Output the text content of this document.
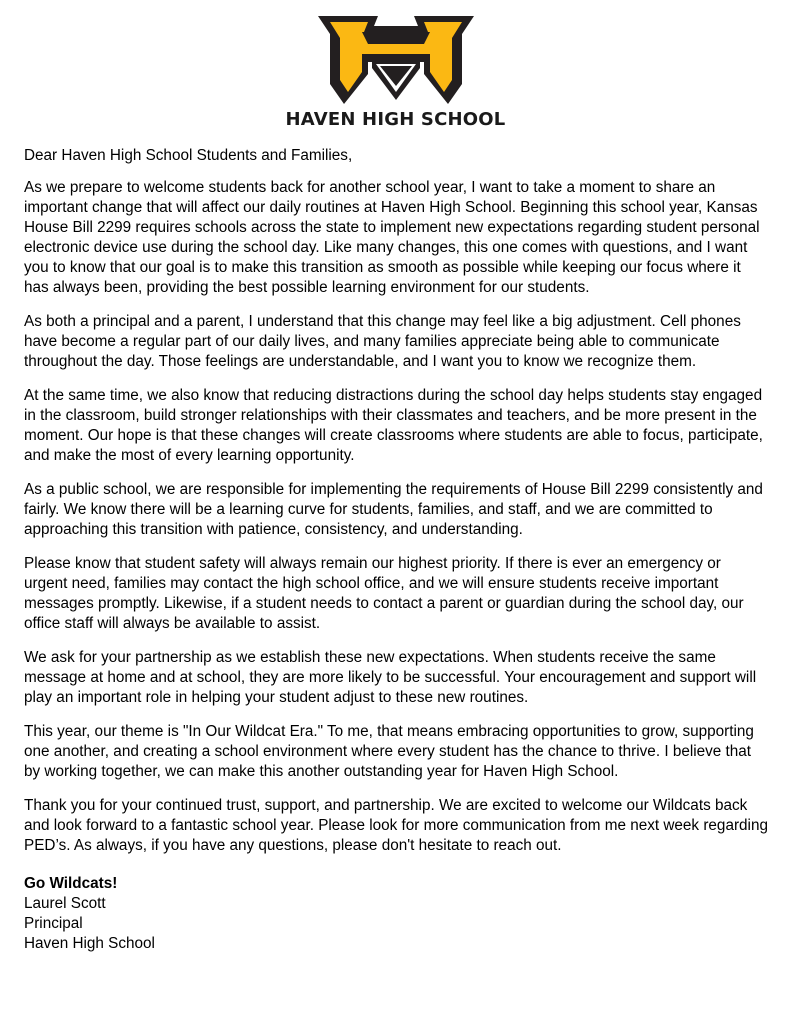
HAVEN HIGH SCHOOL

Dear Haven High School Students and Families,

As we prepare to welcome students back for another school year, I want to take a moment to share an important change that will affect our daily routines at Haven High School. Beginning this school year, Kansas House Bill 2299 requires schools across the state to implement new expectations regarding student personal electronic device use during the school day. Like many changes, this one comes with questions, and I want you to know that our goal is to make this transition as smooth as possible while keeping our focus where it has always been, providing the best possible learning environment for our students.

As both a principal and a parent, I understand that this change may feel like a big adjustment. Cell phones have become a regular part of our daily lives, and many families appreciate being able to communicate throughout the day. Those feelings are understandable, and I want you to know we recognize them.

At the same time, we also know that reducing distractions during the school day helps students stay engaged in the classroom, build stronger relationships with their classmates and teachers, and be more present in the moment. Our hope is that these changes will create classrooms where students are able to focus, participate, and make the most of every learning opportunity.

As a public school, we are responsible for implementing the requirements of House Bill 2299 consistently and fairly. We know there will be a learning curve for students, families, and staff, and we are committed to approaching this transition with patience, consistency, and understanding.

Please know that student safety will always remain our highest priority. If there is ever an emergency or urgent need, families may contact the high school office, and we will ensure students receive important messages promptly. Likewise, if a student needs to contact a parent or guardian during the school day, our office staff will always be available to assist.

We ask for your partnership as we establish these new expectations. When students receive the same message at home and at school, they are more likely to be successful. Your encouragement and support will play an important role in helping your student adjust to these new routines.

This year, our theme is "In Our Wildcat Era." To me, that means embracing opportunities to grow, supporting one another, and creating a school environment where every student has the chance to thrive. I believe that by working together, we can make this another outstanding year for Haven High School.

Thank you for your continued trust, support, and partnership. We are excited to welcome our Wildcats back and look forward to a fantastic school year. Please look for more communication from me next week regarding PED’s. As always, if you have any questions, please don't hesitate to reach out.

Go Wildcats!
Laurel Scott
Principal
Haven High School
